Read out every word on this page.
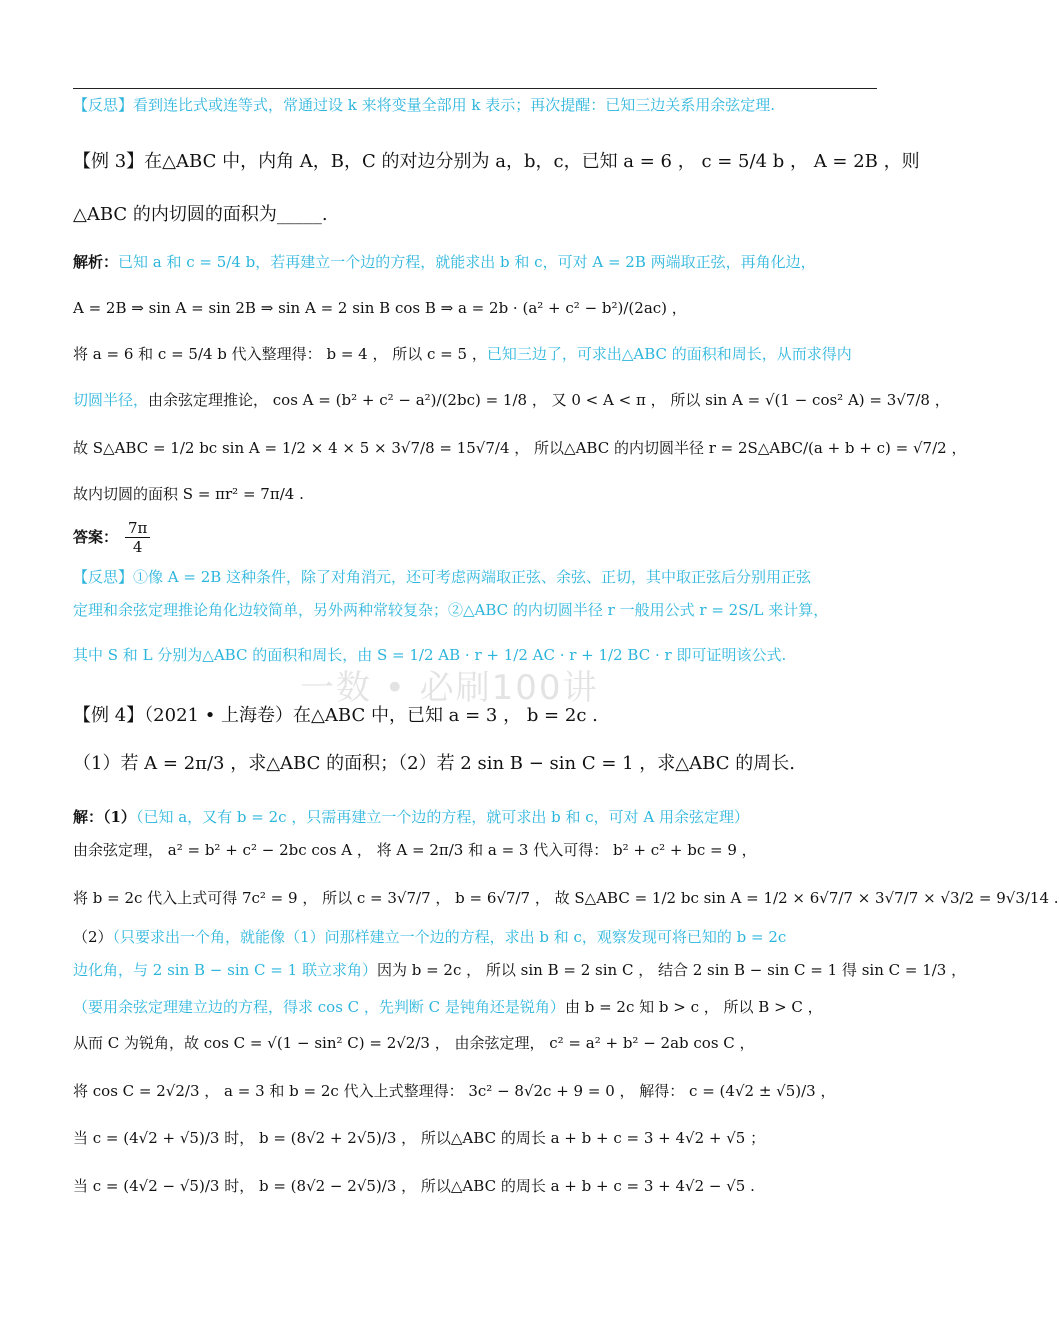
【反思】看到连比式或连等式，常通过设 k 来将变量全部用 k 表示；再次提醒：已知三边关系用余弦定理.
【例 3】在△ABC 中，内角 A，B，C 的对边分别为 a，b，c，已知 a = 6 ， c = 5/4 b ， A = 2B ，则
△ABC 的内切圆的面积为_____.
解析：已知 a 和 c = 5/4 b，若再建立一个边的方程，就能求出 b 和 c，可对 A = 2B 两端取正弦，再角化边，
A = 2B ⇒ sin A = sin 2B ⇒ sin A = 2 sin B cos B ⇒ a = 2b · (a² + c² − b²)/(2ac) ，
将 a = 6 和 c = 5/4 b 代入整理得： b = 4 ， 所以 c = 5 ，已知三边了，可求出△ABC 的面积和周长，从而求得内
切圆半径，由余弦定理推论， cos A = (b² + c² − a²)/(2bc) = 1/8 ， 又 0 < A < π ， 所以 sin A = √(1 − cos² A) = 3√7/8 ，
故 S△ABC = 1/2 bc sin A = 1/2 × 4 × 5 × 3√7/8 = 15√7/4 ， 所以△ABC 的内切圆半径 r = 2S△ABC/(a + b + c) = √7/2 ，
故内切圆的面积 S = πr² = 7π/4 .
答案： $\frac{7\pi}{4}$
【反思】①像 A = 2B 这种条件，除了对角消元，还可考虑两端取正弦、余弦、正切，其中取正弦后分别用正弦
定理和余弦定理推论角化边较简单，另外两种常较复杂；②△ABC 的内切圆半径 r 一般用公式 r = 2S/L 来计算，
其中 S 和 L 分别为△ABC 的面积和周长，由 S = 1/2 AB · r + 1/2 AC · r + 1/2 BC · r 即可证明该公式.
一数 • 必刷100讲
【例 4】（2021 • 上海卷）在△ABC 中，已知 a = 3 ， b = 2c .
（1）若 A = 2π/3 ，求△ABC 的面积；（2）若 2 sin B − sin C = 1 ，求△ABC 的周长.
解：（1）（已知 a，又有 b = 2c ，只需再建立一个边的方程，就可求出 b 和 c，可对 A 用余弦定理）
由余弦定理， a² = b² + c² − 2bc cos A ， 将 A = 2π/3 和 a = 3 代入可得： b² + c² + bc = 9 ，
将 b = 2c 代入上式可得 7c² = 9 ， 所以 c = 3√7/7 ， b = 6√7/7 ， 故 S△ABC = 1/2 bc sin A = 1/2 × 6√7/7 × 3√7/7 × √3/2 = 9√3/14 .
（2）（只要求出一个角，就能像（1）问那样建立一个边的方程，求出 b 和 c，观察发现可将已知的 b = 2c
边化角，与 2 sin B − sin C = 1 联立求角）因为 b = 2c ， 所以 sin B = 2 sin C ， 结合 2 sin B − sin C = 1 得 sin C = 1/3 ，
（要用余弦定理建立边的方程，得求 cos C ，先判断 C 是钝角还是锐角）由 b = 2c 知 b > c ， 所以 B > C ，
从而 C 为锐角，故 cos C = √(1 − sin² C) = 2√2/3 ， 由余弦定理， c² = a² + b² − 2ab cos C ，
将 cos C = 2√2/3 ， a = 3 和 b = 2c 代入上式整理得： 3c² − 8√2c + 9 = 0 ， 解得： c = (4√2 ± √5)/3 ，
当 c = (4√2 + √5)/3 时， b = (8√2 + 2√5)/3 ， 所以△ABC 的周长 a + b + c = 3 + 4√2 + √5 ；
当 c = (4√2 − √5)/3 时， b = (8√2 − 2√5)/3 ， 所以△ABC 的周长 a + b + c = 3 + 4√2 − √5 .
